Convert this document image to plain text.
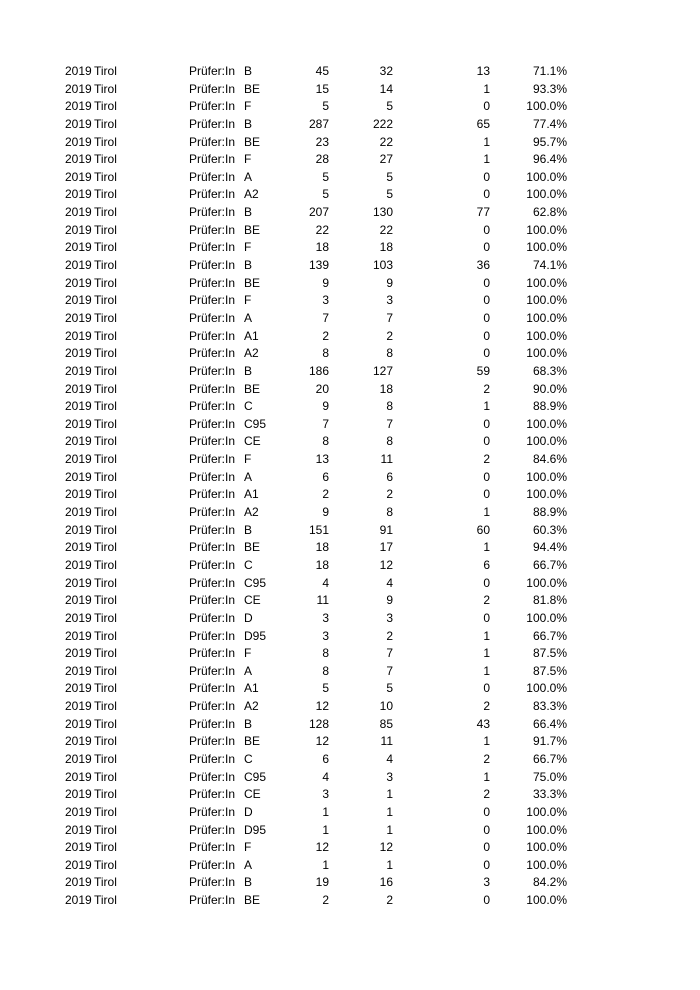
2019 Tirol	Prüfer:In B	45	32	13	71.1%
2019 Tirol	Prüfer:In BE	15	14	1	93.3%
2019 Tirol	Prüfer:In F	5	5	0	100.0%
2019 Tirol	Prüfer:In B	287	222	65	77.4%
2019 Tirol	Prüfer:In BE	23	22	1	95.7%
2019 Tirol	Prüfer:In F	28	27	1	96.4%
2019 Tirol	Prüfer:In A	5	5	0	100.0%
2019 Tirol	Prüfer:In A2	5	5	0	100.0%
2019 Tirol	Prüfer:In B	207	130	77	62.8%
2019 Tirol	Prüfer:In BE	22	22	0	100.0%
2019 Tirol	Prüfer:In F	18	18	0	100.0%
2019 Tirol	Prüfer:In B	139	103	36	74.1%
2019 Tirol	Prüfer:In BE	9	9	0	100.0%
2019 Tirol	Prüfer:In F	3	3	0	100.0%
2019 Tirol	Prüfer:In A	7	7	0	100.0%
2019 Tirol	Prüfer:In A1	2	2	0	100.0%
2019 Tirol	Prüfer:In A2	8	8	0	100.0%
2019 Tirol	Prüfer:In B	186	127	59	68.3%
2019 Tirol	Prüfer:In BE	20	18	2	90.0%
2019 Tirol	Prüfer:In C	9	8	1	88.9%
2019 Tirol	Prüfer:In C95	7	7	0	100.0%
2019 Tirol	Prüfer:In CE	8	8	0	100.0%
2019 Tirol	Prüfer:In F	13	11	2	84.6%
2019 Tirol	Prüfer:In A	6	6	0	100.0%
2019 Tirol	Prüfer:In A1	2	2	0	100.0%
2019 Tirol	Prüfer:In A2	9	8	1	88.9%
2019 Tirol	Prüfer:In B	151	91	60	60.3%
2019 Tirol	Prüfer:In BE	18	17	1	94.4%
2019 Tirol	Prüfer:In C	18	12	6	66.7%
2019 Tirol	Prüfer:In C95	4	4	0	100.0%
2019 Tirol	Prüfer:In CE	11	9	2	81.8%
2019 Tirol	Prüfer:In D	3	3	0	100.0%
2019 Tirol	Prüfer:In D95	3	2	1	66.7%
2019 Tirol	Prüfer:In F	8	7	1	87.5%
2019 Tirol	Prüfer:In A	8	7	1	87.5%
2019 Tirol	Prüfer:In A1	5	5	0	100.0%
2019 Tirol	Prüfer:In A2	12	10	2	83.3%
2019 Tirol	Prüfer:In B	128	85	43	66.4%
2019 Tirol	Prüfer:In BE	12	11	1	91.7%
2019 Tirol	Prüfer:In C	6	4	2	66.7%
2019 Tirol	Prüfer:In C95	4	3	1	75.0%
2019 Tirol	Prüfer:In CE	3	1	2	33.3%
2019 Tirol	Prüfer:In D	1	1	0	100.0%
2019 Tirol	Prüfer:In D95	1	1	0	100.0%
2019 Tirol	Prüfer:In F	12	12	0	100.0%
2019 Tirol	Prüfer:In A	1	1	0	100.0%
2019 Tirol	Prüfer:In B	19	16	3	84.2%
2019 Tirol	Prüfer:In BE	2	2	0	100.0%
